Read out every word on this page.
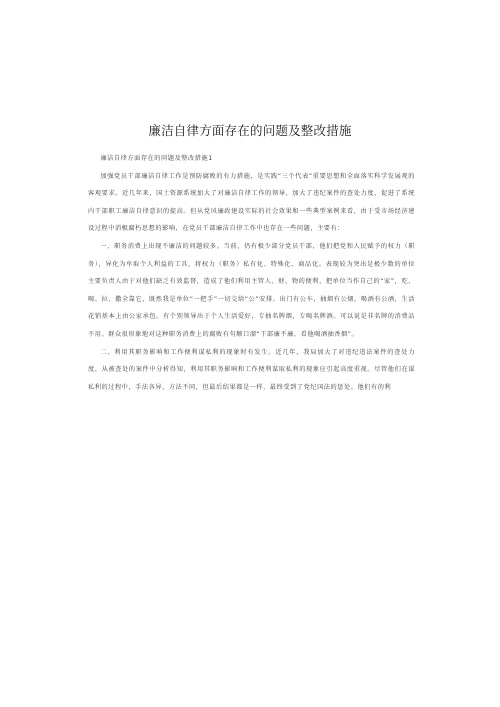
廉洁自律方面存在的问题及整改措施

廉洁自律方面存在的问题及整改措施1

加强党员干部廉洁自律工作是预防腐败的有力措施，是实践“三个代表”重要思想和全面落实科学发展观的客观要求。近几年来，国土资源系统加大了对廉洁自律工作的领导，加大了违纪案件的查处力度，促进了系统内干部职工廉洁自律意识的提高。但从党风廉政建设实际的社会效果和一些典型案例来看，由于受市场经济建设过程中消极腐朽思想的影响，在党员干部廉洁自律工作中也存在一些问题，主要有：

一、职务消费上出现不廉洁的问题较多。当前，仍有极少部分党员干部，他们把党和人民赋予的权力（职务），异化为牟取个人利益的工具，将权力（职务）私有化、特殊化、商品化。表现较为突出是极少数的单位主要负责人由于对他们缺乏有效监督，造成了他们利用主管人、财、物的便利，把单位当作自己的“家”，吃、喝、拉、撒全靠它，既然我是单位“一把手”一切交给“公”安排。出门有公车，抽烟有公烟，喝酒有公酒，生活花销基本上由公家承包。有个别领导出于个人生活爱好，专抽名牌烟，专喝名牌酒。可以说是非名牌的消费品不用。群众很形象地对这种职务消费上的腐败有句顺口溜“干部廉不廉，看他喝酒抽香烟”。

二、利用其职务影响和工作便利谋私利的现象时有发生。近几年，我局加大了对违纪违法案件的查处力度，从被查处的案件中分析得知，利用其职务影响和工作便利谋取私利的现象应引起高度重视。尽管他们在谋私利的过程中，手法各异，方法不同，但最后结果都是一样，最终受到了党纪国法的惩处。他们有的利
